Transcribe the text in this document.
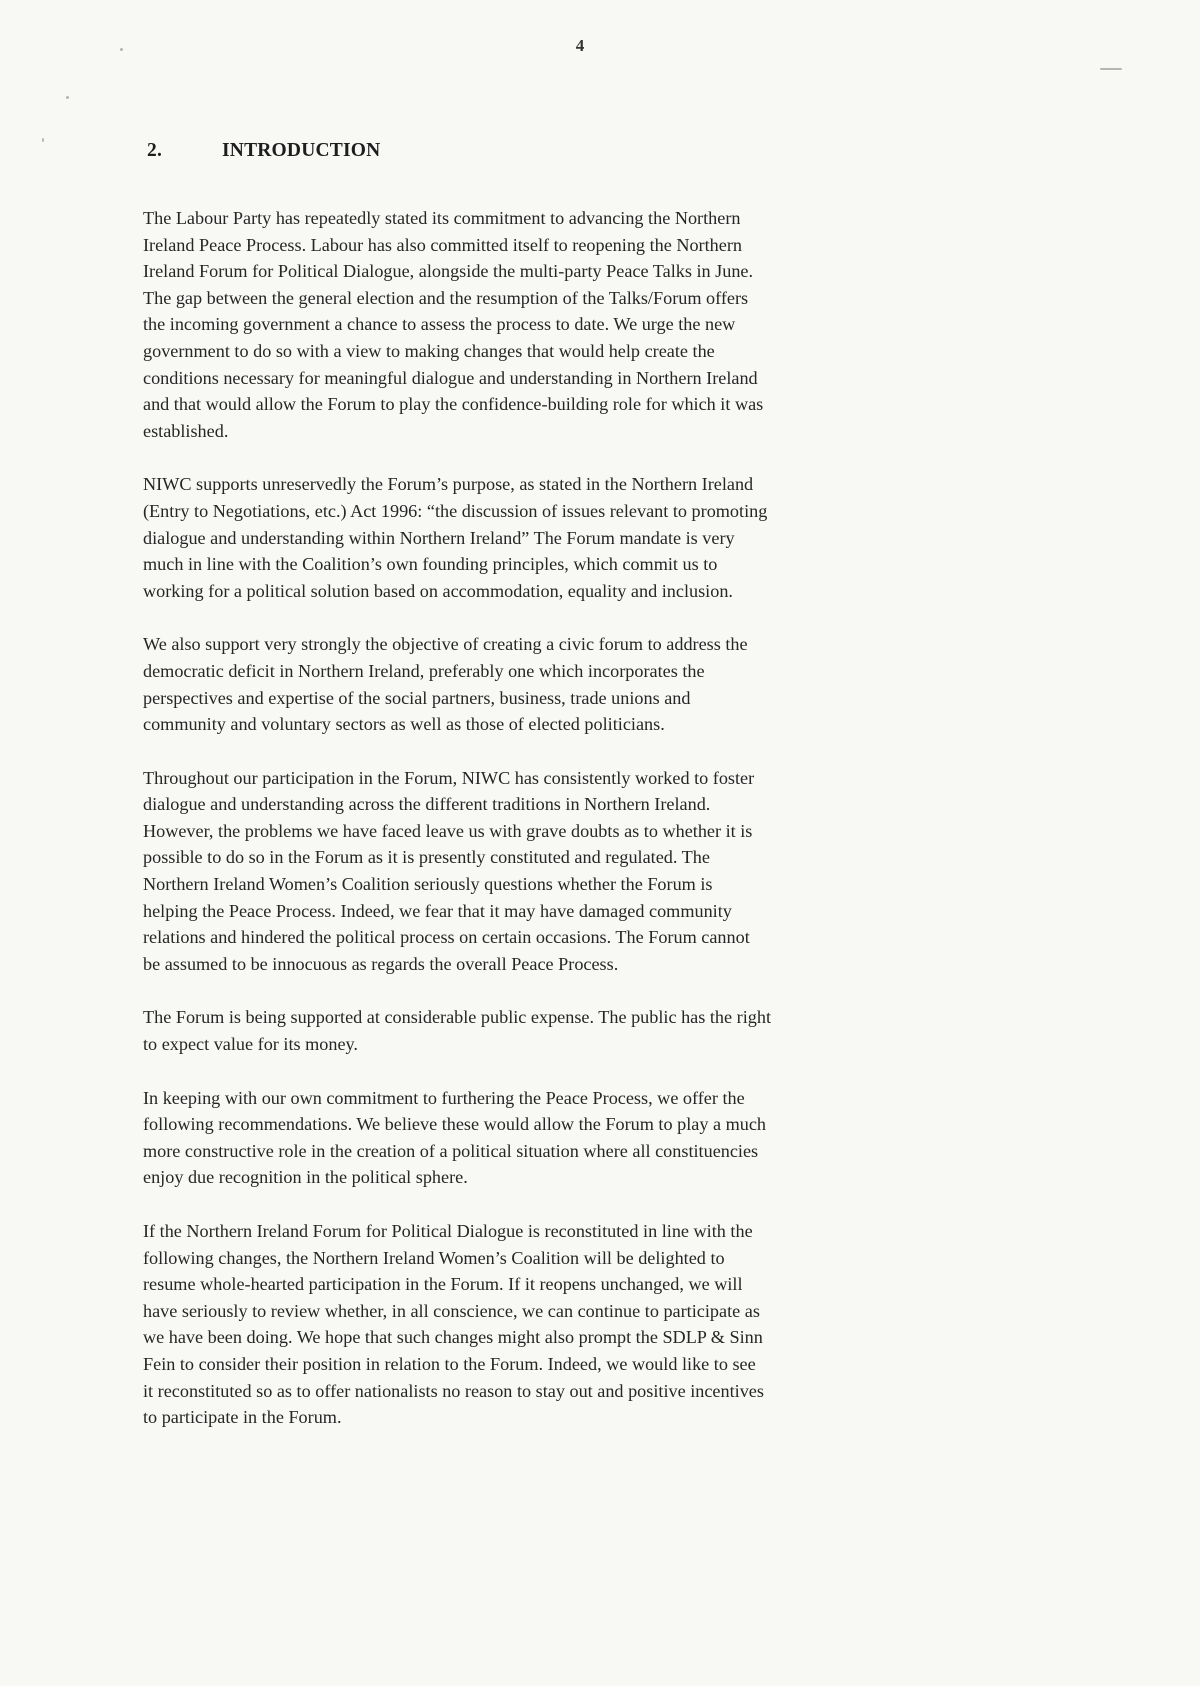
4
2.	INTRODUCTION

The Labour Party has repeatedly stated its commitment to advancing the Northern
Ireland Peace Process. Labour has also committed itself to reopening the Northern
Ireland Forum for Political Dialogue, alongside the multi-party Peace Talks in June.
The gap between the general election and the resumption of the Talks/Forum offers
the incoming government a chance to assess the process to date. We urge the new
government to do so with a view to making changes that would help create the
conditions necessary for meaningful dialogue and understanding in Northern Ireland
and that would allow the Forum to play the confidence-building role for which it was
established.

NIWC supports unreservedly the Forum’s purpose, as stated in the Northern Ireland
(Entry to Negotiations, etc.) Act 1996: “the discussion of issues relevant to promoting
dialogue and understanding within Northern Ireland” The Forum mandate is very
much in line with the Coalition’s own founding principles, which commit us to
working for a political solution based on accommodation, equality and inclusion.

We also support very strongly the objective of creating a civic forum to address the
democratic deficit in Northern Ireland, preferably one which incorporates the
perspectives and expertise of the social partners, business, trade unions and
community and voluntary sectors as well as those of elected politicians.

Throughout our participation in the Forum, NIWC has consistently worked to foster
dialogue and understanding across the different traditions in Northern Ireland.
However, the problems we have faced leave us with grave doubts as to whether it is
possible to do so in the Forum as it is presently constituted and regulated. The
Northern Ireland Women’s Coalition seriously questions whether the Forum is
helping the Peace Process. Indeed, we fear that it may have damaged community
relations and hindered the political process on certain occasions. The Forum cannot
be assumed to be innocuous as regards the overall Peace Process.

The Forum is being supported at considerable public expense. The public has the right
to expect value for its money.

In keeping with our own commitment to furthering the Peace Process, we offer the
following recommendations. We believe these would allow the Forum to play a much
more constructive role in the creation of a political situation where all constituencies
enjoy due recognition in the political sphere.

If the Northern Ireland Forum for Political Dialogue is reconstituted in line with the
following changes, the Northern Ireland Women’s Coalition will be delighted to
resume whole-hearted participation in the Forum. If it reopens unchanged, we will
have seriously to review whether, in all conscience, we can continue to participate as
we have been doing. We hope that such changes might also prompt the SDLP & Sinn
Fein to consider their position in relation to the Forum. Indeed, we would like to see
it reconstituted so as to offer nationalists no reason to stay out and positive incentives
to participate in the Forum.
